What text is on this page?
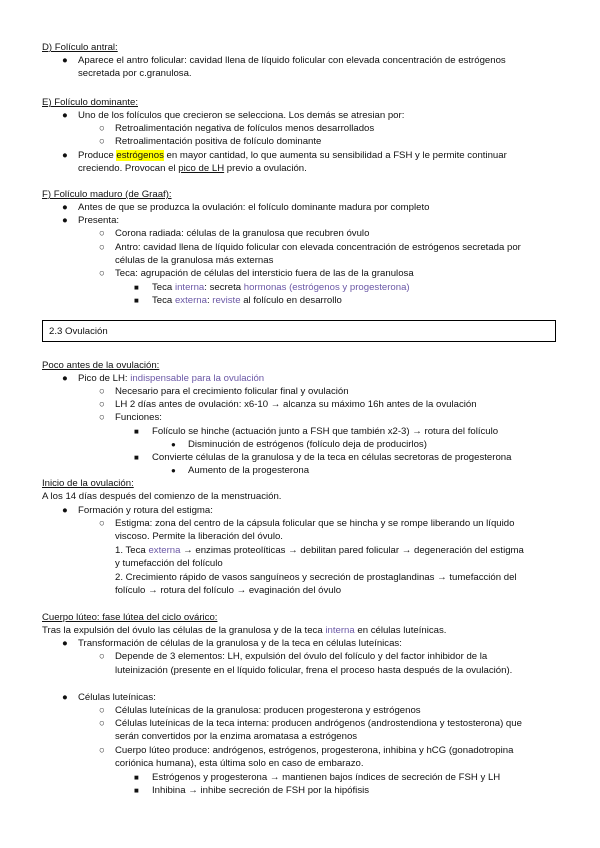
D) Folículo antral:
● Aparece el antro folicular: cavidad llena de líquido folicular con elevada concentración de estrógenos
secretada por c.granulosa.
E) Folículo dominante:
● Uno de los folículos que crecieron se selecciona. Los demás se atresian por:
○ Retroalimentación negativa de folículos menos desarrollados
○ Retroalimentación positiva de folículo dominante
● Produce estrógenos en mayor cantidad, lo que aumenta su sensibilidad a FSH y le permite continuar
creciendo. Provocan el pico de LH previo a ovulación.
F) Folículo maduro (de Graaf):
● Antes de que se produzca la ovulación: el folículo dominante madura por completo
● Presenta:
○ Corona radiada: células de la granulosa que recubren óvulo
○ Antro: cavidad llena de líquido folicular con elevada concentración de estrógenos secretada por
células de la granulosa más externas
○ Teca: agrupación de células del intersticio fuera de las de la granulosa
■ Teca interna: secreta hormonas (estrógenos y progesterona)
■ Teca externa: reviste al folículo en desarrollo
2.3 Ovulación
Poco antes de la ovulación:
● Pico de LH: indispensable para la ovulación
○ Necesario para el crecimiento folicular final y ovulación
○ LH 2 días antes de ovulación: x6-10 → alcanza su máximo 16h antes de la ovulación
○ Funciones:
■ Folículo se hinche (actuación junto a FSH que también x2-3) → rotura del folículo
● Disminución de estrógenos (folículo deja de producirlos)
■ Convierte células de la granulosa y de la teca en células secretoras de progesterona
● Aumento de la progesterona
Inicio de la ovulación:
A los 14 días después del comienzo de la menstruación.
● Formación y rotura del estigma:
○ Estigma: zona del centro de la cápsula folicular que se hincha y se rompe liberando un líquido
viscoso. Permite la liberación del óvulo.
1. Teca externa → enzimas proteolíticas → debilitan pared folicular → degeneración del estigma
y tumefacción del folículo
2. Crecimiento rápido de vasos sanguíneos y secreción de prostaglandinas → tumefacción del
folículo → rotura del folículo → evaginación del óvulo
Cuerpo lúteo: fase lútea del ciclo ovárico:
Tras la expulsión del óvulo las células de la granulosa y de la teca interna en células luteínicas.
● Transformación de células de la granulosa y de la teca en células luteínicas:
○ Depende de 3 elementos: LH, expulsión del óvulo del folículo y del factor inhibidor de la
luteinización (presente en el líquido folicular, frena el proceso hasta después de la ovulación).
● Células luteínicas:
○ Células luteínicas de la granulosa: producen progesterona y estrógenos
○ Células luteínicas de la teca interna: producen andrógenos (androstendiona y testosterona) que
serán convertidos por la enzima aromatasa a estrógenos
○ Cuerpo lúteo produce: andrógenos, estrógenos, progesterona, inhibina y hCG (gonadotropina
coriónica humana), esta última solo en caso de embarazo.
■ Estrógenos y progesterona → mantienen bajos índices de secreción de FSH y LH
■ Inhibina → inhibe secreción de FSH por la hipófisis
